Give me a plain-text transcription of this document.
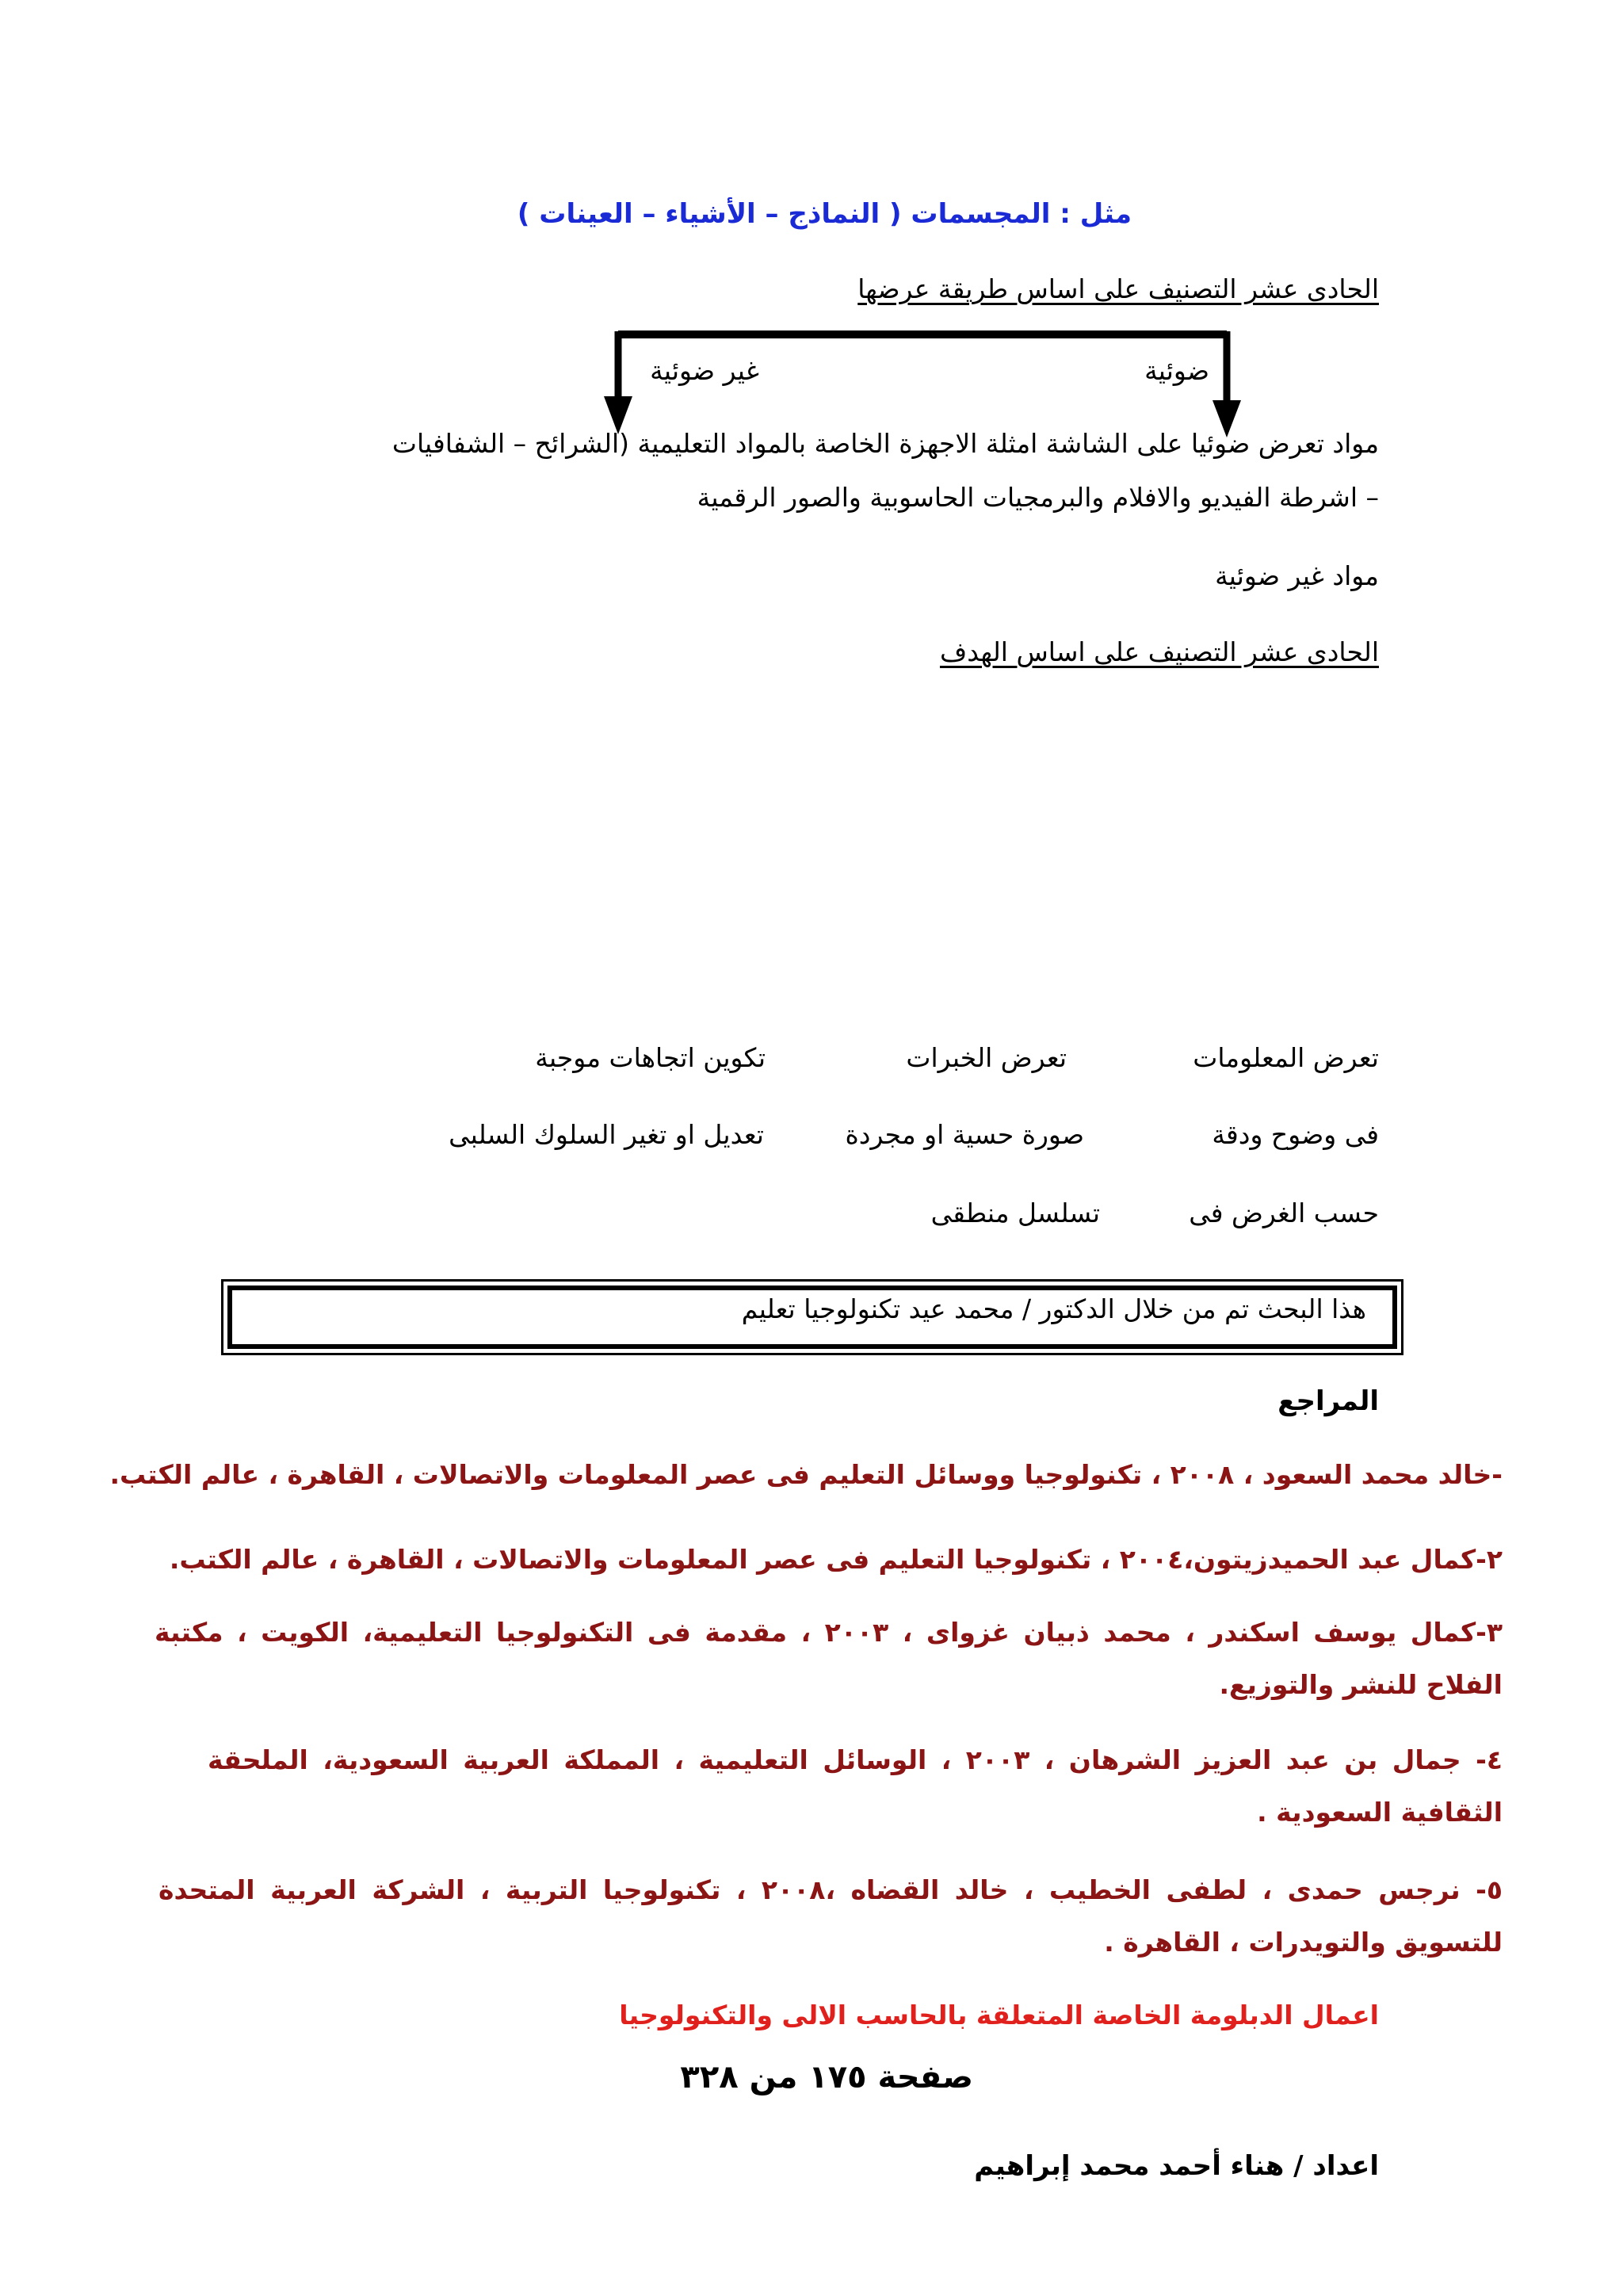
مثل : المجسمات ( النماذج – الأشياء – العينات )
الحادى عشر التصنيف على اساس طريقة عرضها
ضوئية
غير ضوئية
مواد تعرض ضوئيا على الشاشة امثلة الاجهزة الخاصة بالمواد التعليمية (الشرائح – الشفافيات
– اشرطة الفيديو والافلام والبرمجيات الحاسوبية والصور الرقمية
مواد غير ضوئية
الحادى عشر التصنيف على اساس الهدف
تعرض المعلومات
فى وضوح ودقة
حسب الغرض فى
تعرض الخبرات
صورة حسية او مجردة
تسلسل منطقى
تكوين اتجاهات موجبة
تعديل او تغير السلوك السلبى
هذا البحث تم من خلال الدكتور / محمد عيد تكنولوجيا تعليم
المراجع
-خالد محمد السعود ، ٢٠٠٨ ، تكنولوجيا ووسائل التعليم فى عصر المعلومات والاتصالات ، القاهرة ، عالم الكتب.
٢-كمال عبد الحميدزيتون،٢٠٠٤ ، تكنولوجيا التعليم فى عصر المعلومات والاتصالات ، القاهرة ، عالم الكتب.
٣-كمال يوسف اسكندر ، محمد ذبيان غزواى ، ٢٠٠٣ ، مقدمة فى التكنولوجيا التعليمية، الكويت ، مكتبة الفلاح للنشر والتوزيع.
٤- جمال بن عبد العزيز الشرهان ، ٢٠٠٣ ، الوسائل التعليمية ، المملكة العربية السعودية، الملحقة الثقافية السعودية .
٥- نرجس حمدى ، لطفى الخطيب ، خالد القضاه ،٢٠٠٨ ، تكنولوجيا التربية ، الشركة العربية المتحدة للتسويق والتويدرات ، القاهرة .
اعمال الدبلومة الخاصة المتعلقة بالحاسب الالى والتكنولوجيا
صفحة ١٧٥ من ٣٢٨
اعداد / هناء أحمد محمد إبراهيم
